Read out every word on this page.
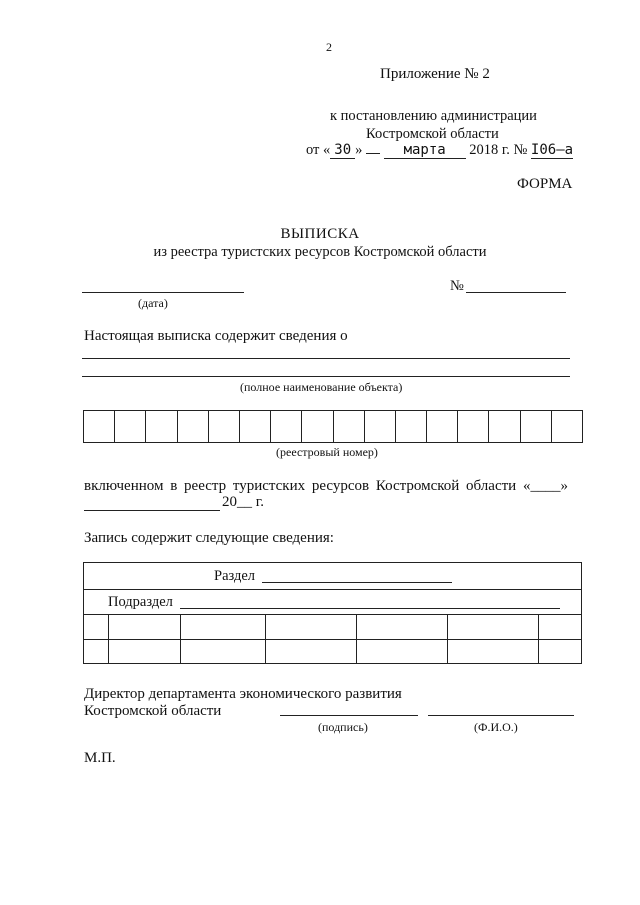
2
Приложение № 2
к постановлению администрации
Костромской области
от « 30 »	марта 2018 г. № I06–а
ФОРМА
ВЫПИСКА
из реестра туристских ресурсов Костромской области
(дата)
№
Настоящая выписка содержит сведения о
(полное наименование объекта)
(реестровый номер)
включенном в реестр туристских ресурсов Костромской области «____»
20__ г.
Запись содержит следующие сведения:
Раздел
Подраздел
Директор департамента экономического развития
Костромской области
(подпись)	(Ф.И.О.)
М.П.
